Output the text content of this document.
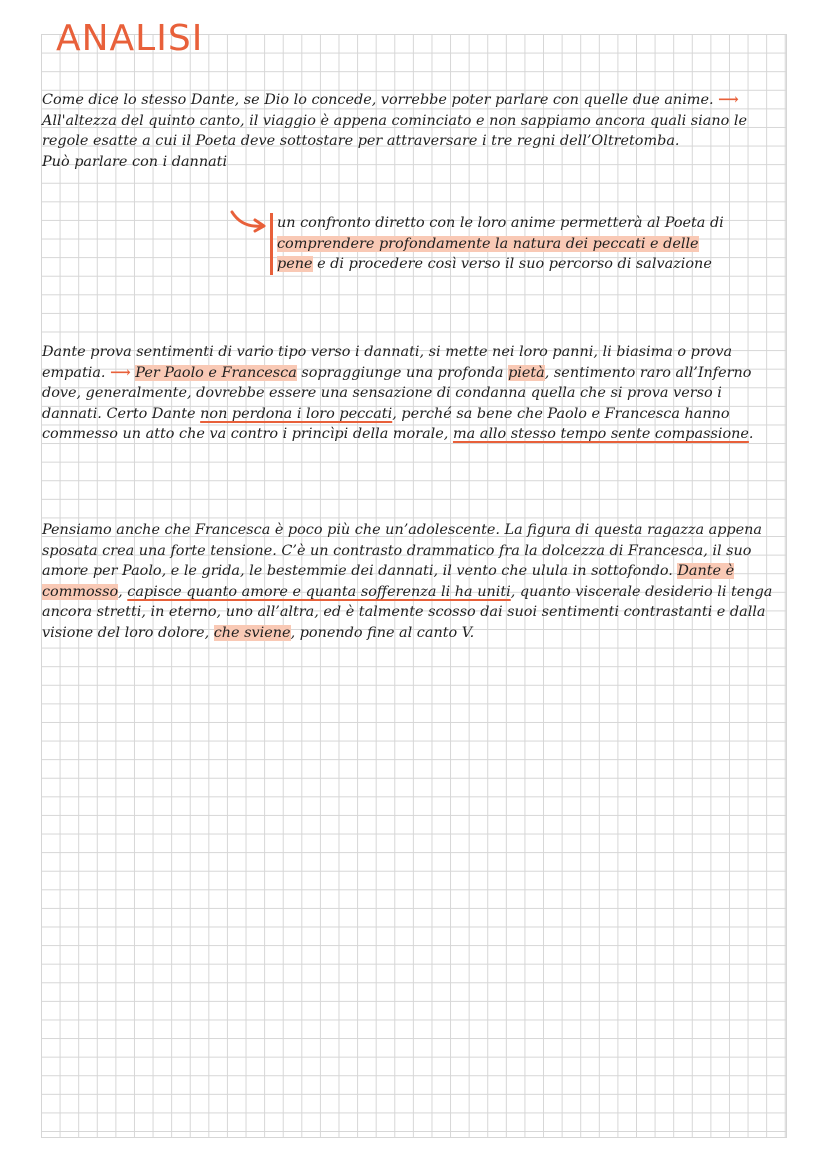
ANALISI

Come dice lo stesso Dante, se Dio lo concede, vorrebbe poter parlare con quelle due anime. ⟶ All'altezza del quinto canto, il viaggio è appena cominciato e non sappiamo ancora quali siano le regole esatte a cui il Poeta deve sottostare per attraversare i tre regni dell’Oltretomba.
Può parlare con i dannati

un confronto diretto con le loro anime permetterà al Poeta di comprendere profondamente la natura dei peccati e delle pene e di procedere così verso il suo percorso di salvazione

Dante prova sentimenti di vario tipo verso i dannati, si mette nei loro panni, li biasima o prova empatia. ⟶ Per Paolo e Francesca sopraggiunge una profonda pietà, sentimento raro all’Inferno dove, generalmente, dovrebbe essere una sensazione di condanna quella che si prova verso i dannati. Certo Dante non perdona i loro peccati, perché sa bene che Paolo e Francesca hanno commesso un atto che va contro i princìpi della morale, ma allo stesso tempo sente compassione.

Pensiamo anche che Francesca è poco più che un’adolescente. La figura di questa ragazza appena sposata crea una forte tensione. C’è un contrasto drammatico fra la dolcezza di Francesca, il suo amore per Paolo, e le grida, le bestemmie dei dannati, il vento che ulula in sottofondo. Dante è commosso, capisce quanto amore e quanta sofferenza li ha uniti, quanto viscerale desiderio li tenga ancora stretti, in eterno, uno all’altra, ed è talmente scosso dai suoi sentimenti contrastanti e dalla visione del loro dolore, che sviene, ponendo fine al canto V.
